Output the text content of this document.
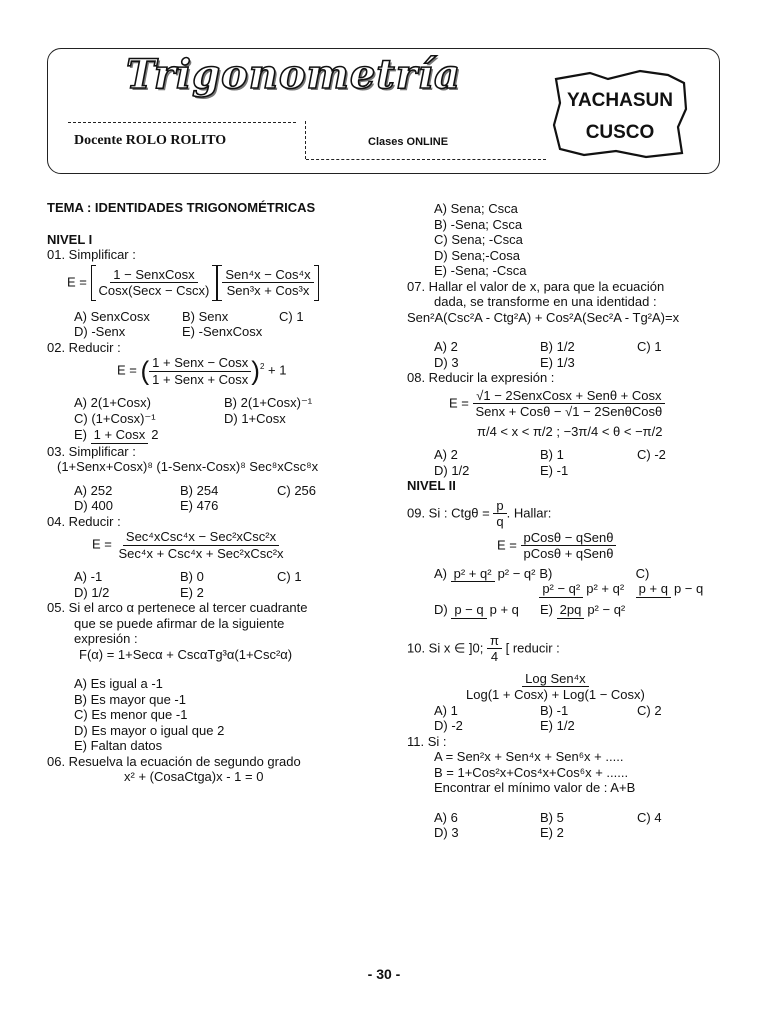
Trigonometría
Docente ROLO ROLITO	Clases ONLINE
YACHASUN
CUSCO

TEMA : IDENTIDADES TRIGONOMÉTRICAS

NIVEL I

01. Simplificar :

E = 1 − SenxCosx
Cosx(Secx − Cscx)
Sen⁴x − Cos⁴x
Sen³x + Cos³x
A) SenxCosx	B) Senx	C) 1
D) -Senx	E) -SenxCosx

02. Reducir :

E = ( 1 + Senx − Cosx
1 + Senx + Cosx )$^2$ + 1
A) 2(1+Cosx)	B) 2(1+Cosx)⁻¹
C) (1+Cosx)⁻¹	D) 1+Cosx
E)
1 + Cosx 2

03. Simplificar :

(1+Senx+Cosx)⁸ (1-Senx-Cosx)⁸ Sec⁸xCsc⁸x

A) 252	B) 254	C) 256
D) 400	E) 476

04. Reducir :

E = Sec⁴xCsc⁴x − Sec²xCsc²x
Sec⁴x + Csc⁴x + Sec²xCsc²x
A) -1	B) 0	C) 1
D) 1/2	E) 2

05. Si el arco α pertenece al tercer cuadrante

que se puede afirmar de la siguiente

expresión :

F(α) = 1+Secα + CscαTg³α(1+Csc²α)

A) Es igual a -1

B) Es mayor que -1

C) Es menor que -1

D) Es mayor o igual que 2

E) Faltan datos

06. Resuelva la ecuación de segundo grado

x² + (CosaCtga)x - 1 = 0

A) Sena; Csca

B) -Sena; Csca

C) Sena; -Csca

D) Sena;-Cosa

E) -Sena; -Csca

07. Hallar el valor de x, para que la ecuación

dada, se transforme en una identidad :

Sen²A(Csc²A - Ctg²A) + Cos²A(Sec²A - Tg²A)=x

A) 2	B) 1/2	C) 1
D) 3	E) 1/3

08. Reducir la expresión :

E = √1 − 2SenxCosx + Senθ + Cosx
Senx + Cosθ − √1 − 2SenθCosθ

π/4 < x < π/2 ; −3π/4 < θ < −π/2

A) 2	B) 1	C) -2
D) 1/2	E) -1

NIVEL II

09. Si : $Ctg\theta = \frac{p}{q}$ . Hallar:
E = pCosθ − qSenθ
pCosθ + qSenθ
A) p² + q² p² − q² B) p² − q² p² + q²
C) p + q p − q
D) p − q p + q	E) 2pq p² − q²
10. Si x ∈ ]0; $\frac{\pi}{4}$ [ reducir :
Log Sen⁴x
Log(1 + Cosx) + Log(1 − Cosx)
A) 1	B) -1	C) 2
D) -2	E) 1/2

11. Si :

A = Sen²x + Sen⁴x + Sen⁶x + .....

B = 1+Cos²x+Cos⁴x+Cos⁶x + ......

Encontrar el mínimo valor de : A+B

A) 6	B) 5	C) 4
D) 3	E) 2
- 30 -
